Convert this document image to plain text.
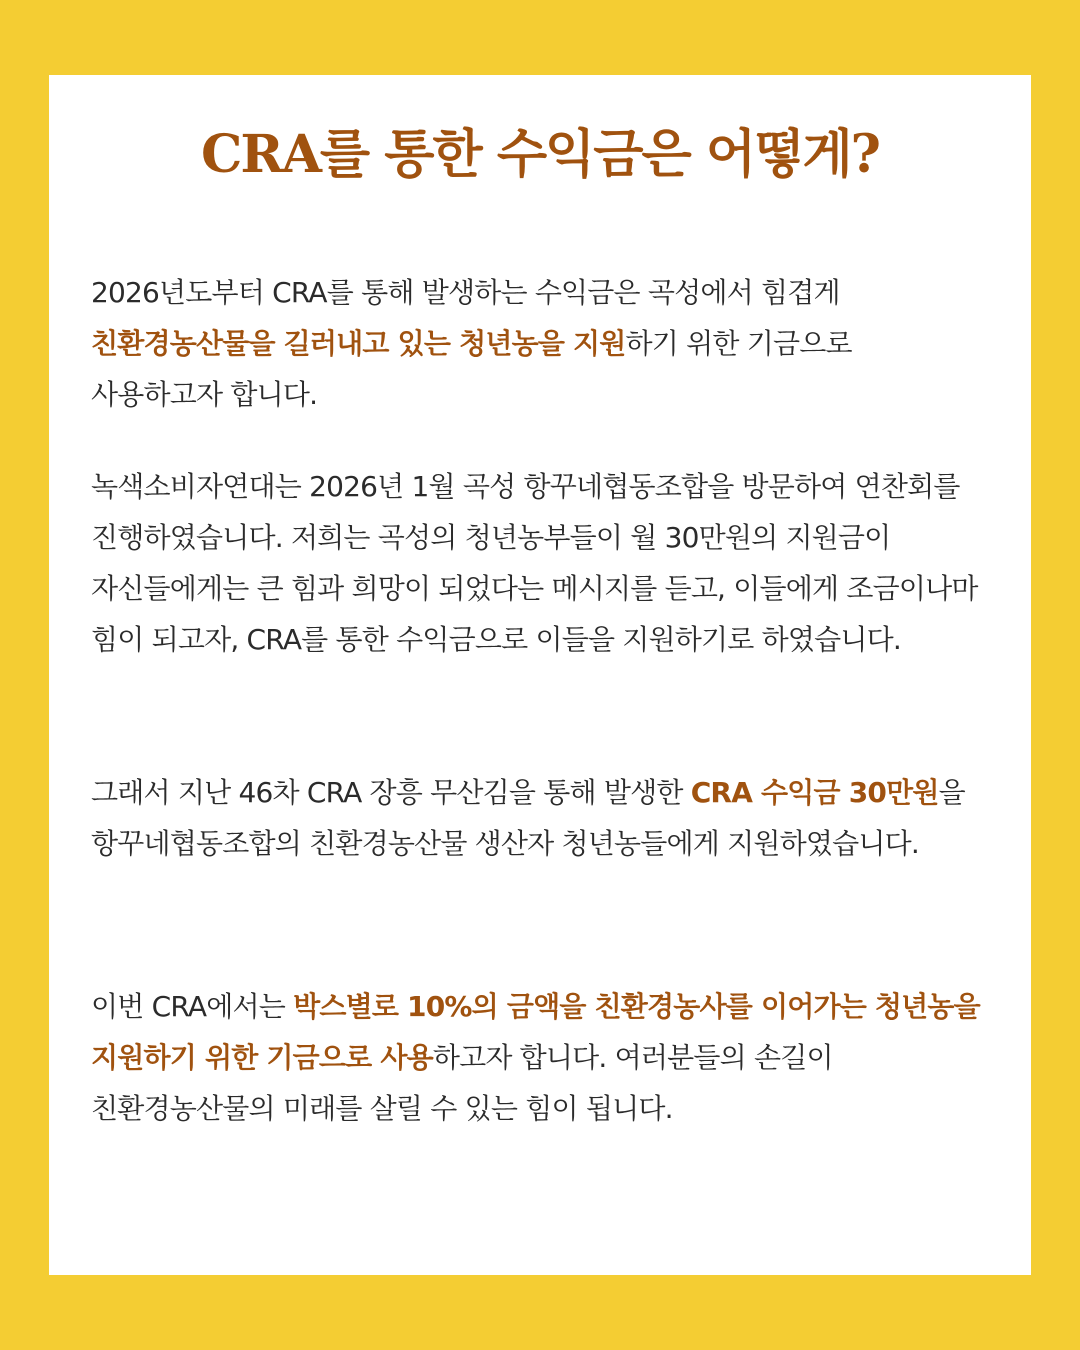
CRA를 통한 수익금은 어떻게?

2026년도부터 CRA를 통해 발생하는 수익금은 곡성에서 힘겹게 친환경농산물을 길러내고 있는 청년농을 지원하기 위한 기금으로 사용하고자 합니다.

녹색소비자연대는 2026년 1월 곡성 항꾸네협동조합을 방문하여 연찬회를 진행하였습니다. 저희는 곡성의 청년농부들이 월 30만원의 지원금이 자신들에게는 큰 힘과 희망이 되었다는 메시지를 듣고, 이들에게 조금이나마 힘이 되고자, CRA를 통한 수익금으로 이들을 지원하기로 하였습니다.

그래서 지난 46차 CRA 장흥 무산김을 통해 발생한 CRA 수익금 30만원을 항꾸네협동조합의 친환경농산물 생산자 청년농들에게 지원하였습니다.

이번 CRA에서는 박스별로 10%의 금액을 친환경농사를 이어가는 청년농을 지원하기 위한 기금으로 사용하고자 합니다. 여러분들의 손길이 친환경농산물의 미래를 살릴 수 있는 힘이 됩니다.
